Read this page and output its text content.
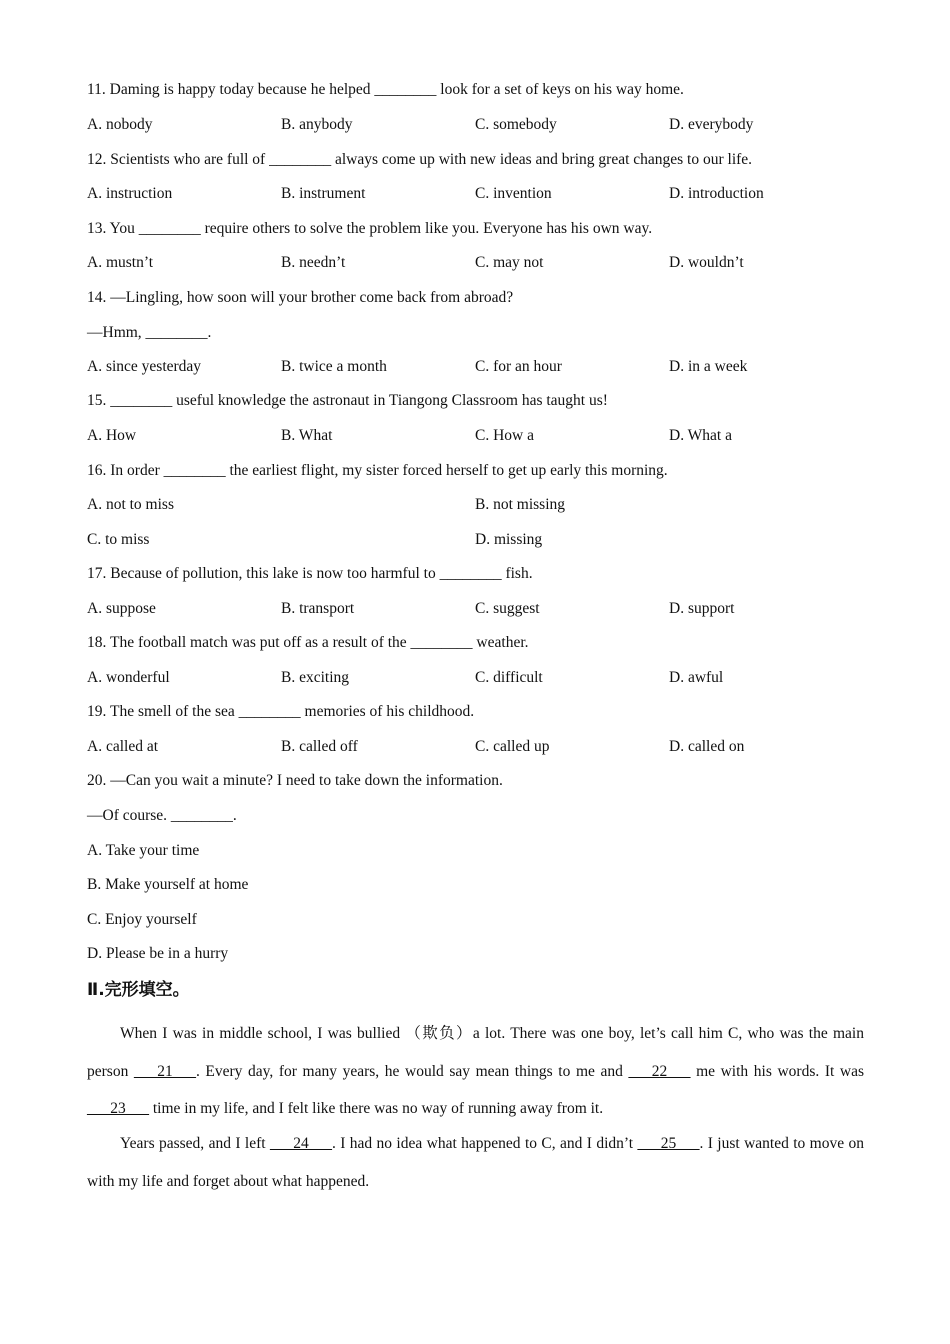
11. Daming is happy today because he helped ________ look for a set of keys on his way home.
A. nobody	B. anybody	C. somebody	D. everybody
12. Scientists who are full of ________ always come up with new ideas and bring great changes to our life.
A. instruction	B. instrument	C. invention	D. introduction
13. You ________ require others to solve the problem like you. Everyone has his own way.
A. mustn’t	B. needn’t	C. may not	D. wouldn’t
14. —Lingling, how soon will your brother come back from abroad?
—Hmm, ________.
A. since yesterday	B. twice a month	C. for an hour	D. in a week
15. ________ useful knowledge the astronaut in Tiangong Classroom has taught us!
A. How	B. What	C. How a	D. What a
16. In order ________ the earliest flight, my sister forced herself to get up early this morning.
A. not to miss	B. not missing
C. to miss	D. missing
17. Because of pollution, this lake is now too harmful to ________ fish.
A. suppose	B. transport	C. suggest	D. support
18. The football match was put off as a result of the ________ weather.
A. wonderful	B. exciting	C. difficult	D. awful
19. The smell of the sea ________ memories of his childhood.
A. called at	B. called off	C. called up	D. called on
20. —Can you wait a minute? I need to take down the information.
—Of course. ________.
A. Take your time
B. Make yourself at home
C. Enjoy yourself
D. Please be in a hurry
Ⅱ.完形填空。
When I was in middle school, I was bullied （欺负）a lot. There was one boy, let’s call him C, who was the main person ___21___. Every day, for many years, he would say mean things to me and ___22___ me with his words. It was ___23___ time in my life, and I felt like there was no way of running away from it.
Years passed, and I left ___24___. I had no idea what happened to C, and I didn’t ___25___. I just wanted to move on with my life and forget about what happened.
